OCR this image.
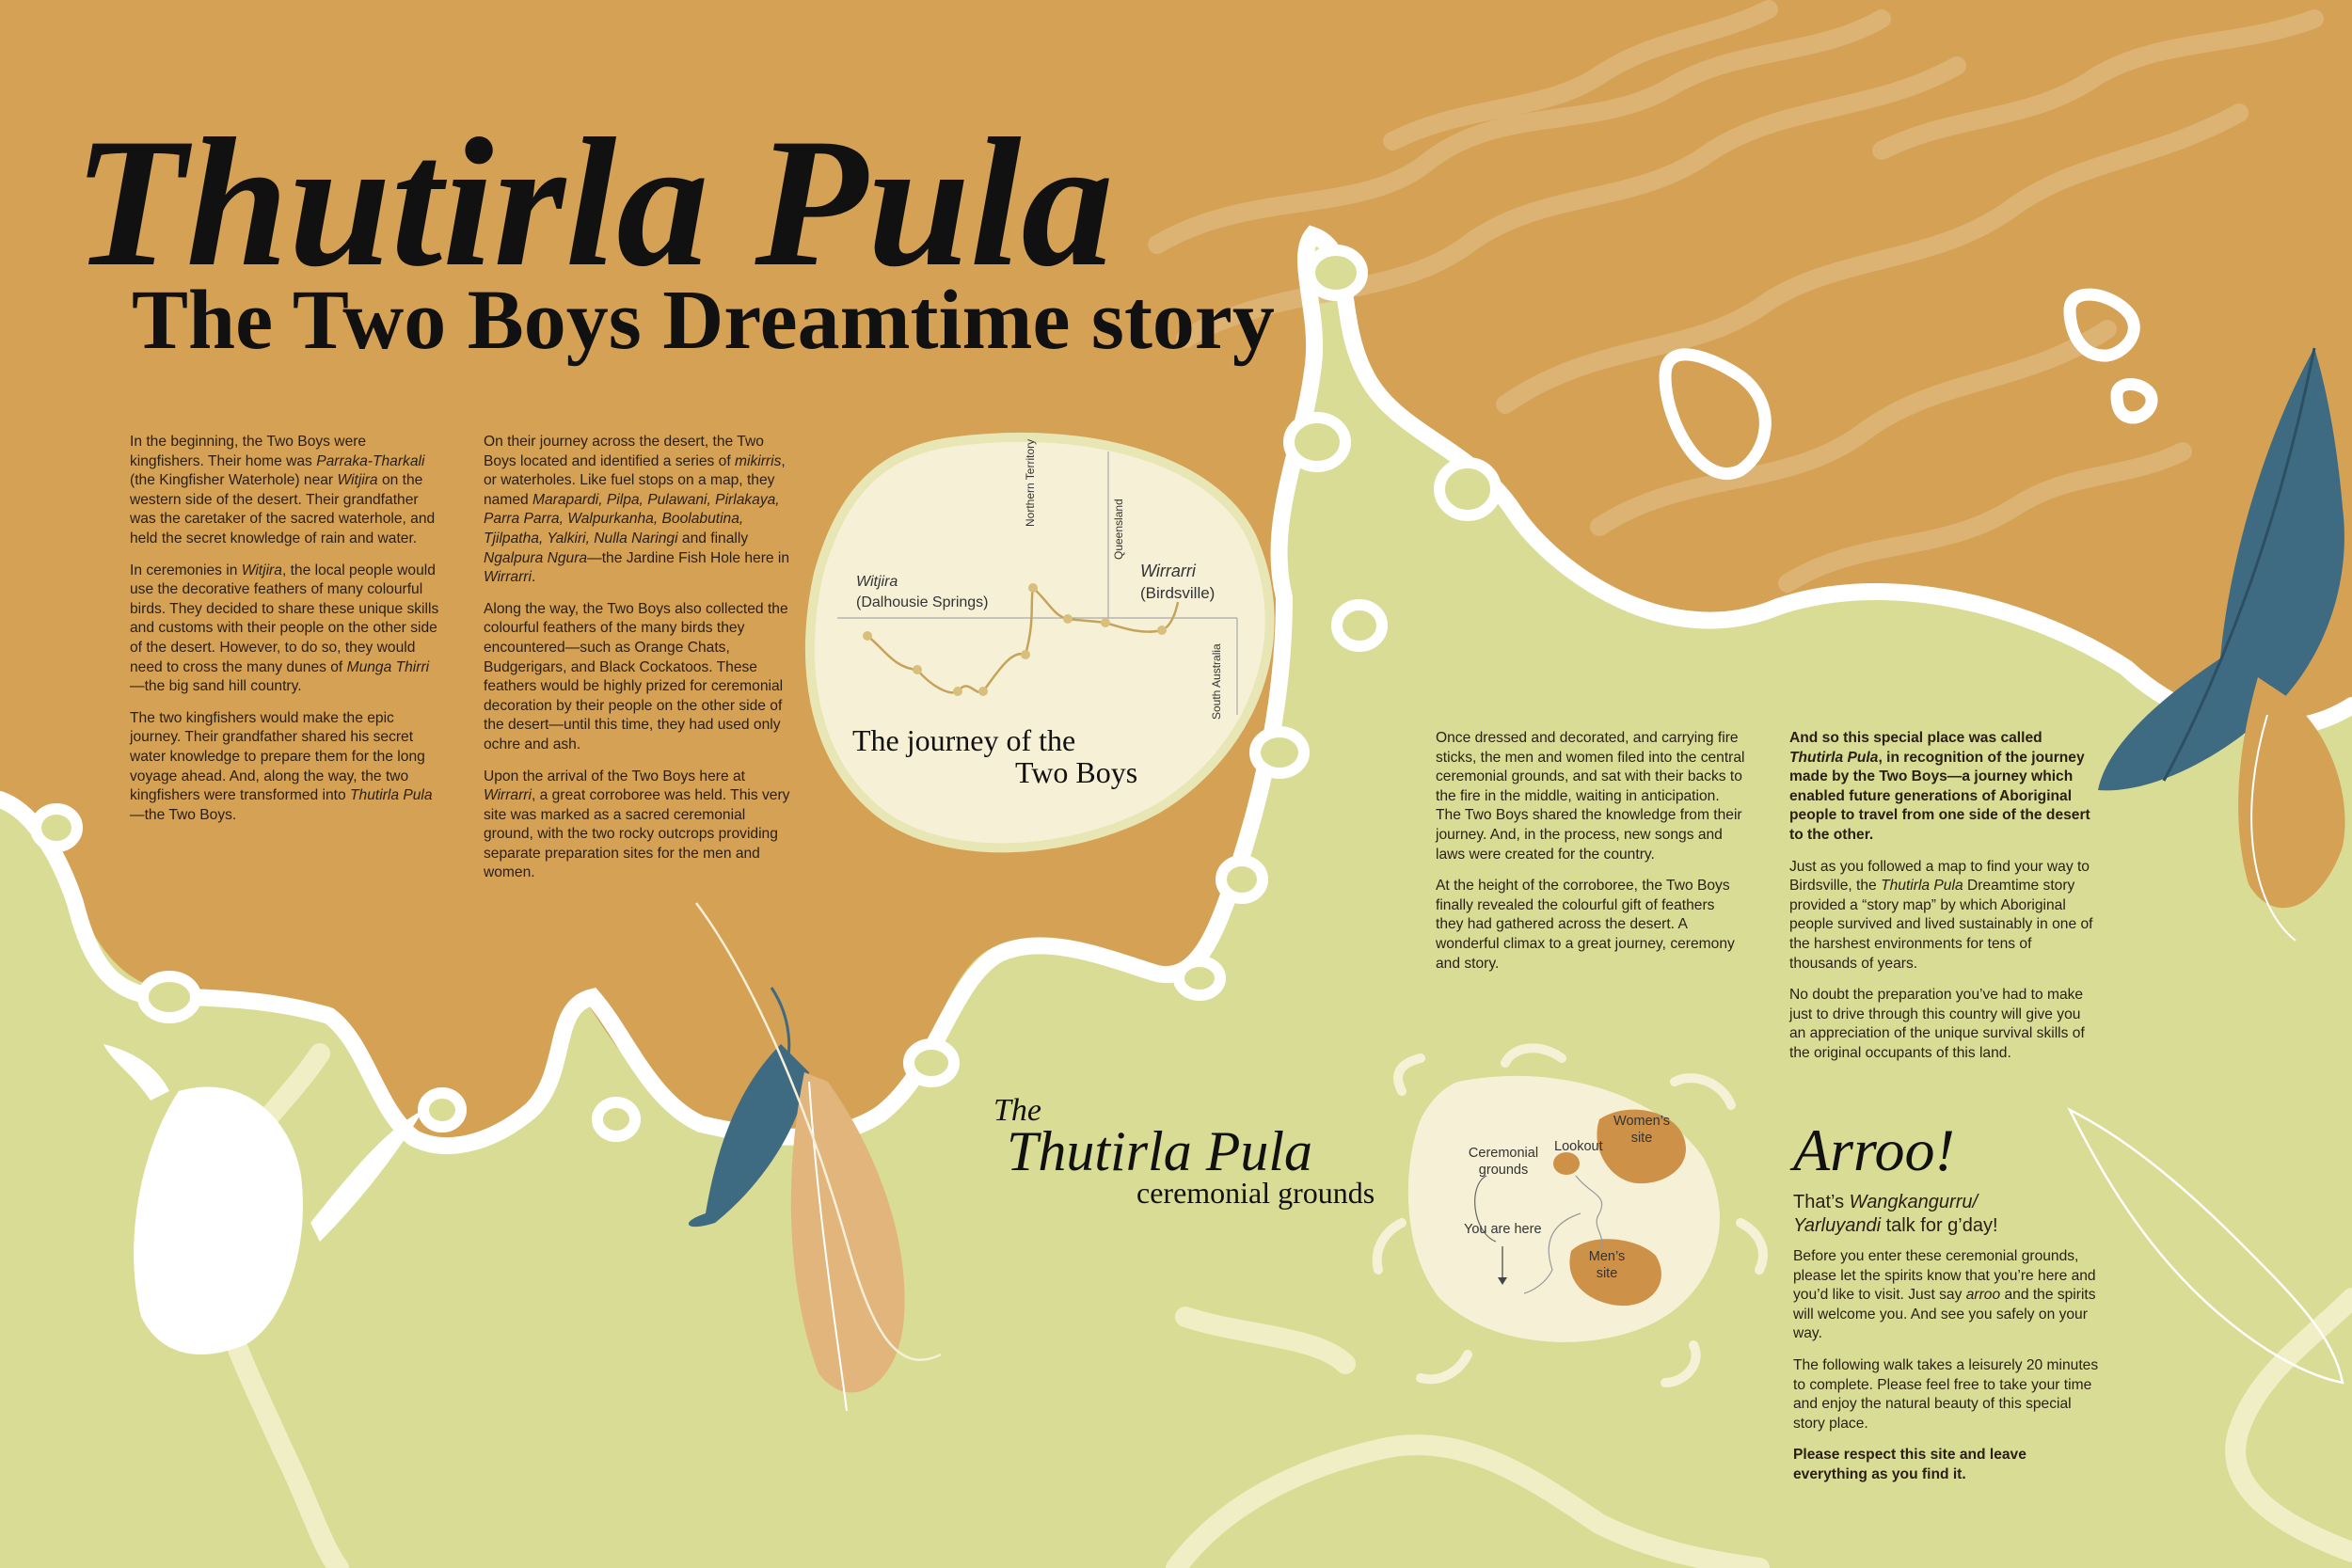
Thutirla Pula
The Two Boys Dreamtime story

In the beginning, the Two Boys were kingfishers. Their home was Parraka-Tharkali (the Kingfisher Waterhole) near Witjira on the western side of the desert. Their grandfather was the caretaker of the sacred waterhole, and held the secret knowledge of rain and water.

In ceremonies in Witjira, the local people would use the decorative feathers of many colourful birds. They decided to share these unique skills and customs with their people on the other side of the desert. However, to do so, they would need to cross the many dunes of Munga Thirri—the big sand hill country.

The two kingfishers would make the epic journey. Their grandfather shared his secret water knowledge to prepare them for the long voyage ahead. And, along the way, the two kingfishers were transformed into Thutirla Pula—the Two Boys.

On their journey across the desert, the Two Boys located and identified a series of mikirris, or waterholes. Like fuel stops on a map, they named Marapardi, Pilpa, Pulawani, Pirlakaya, Parra Parra, Walpurkanha, Boolabutina, Tjilpatha, Yalkiri, Nulla Naringi and finally Ngalpura Ngura—the Jardine Fish Hole here in Wirrarri.

Along the way, the Two Boys also collected the colourful feathers of the many birds they encountered—such as Orange Chats, Budgerigars, and Black Cockatoos. These feathers would be highly prized for ceremonial decoration by their people on the other side of the desert—until this time, they had used only ochre and ash.

Upon the arrival of the Two Boys here at Wirrarri, a great corroboree was held. This very site was marked as a sacred ceremonial ground, with the two rocky outcrops providing separate preparation sites for the men and women.

Witjira
(Dalhousie Springs)
Wirrarri
(Birdsville)
Northern Territory
Queensland
South Australia
The journey of the
Two Boys

Once dressed and decorated, and carrying fire sticks, the men and women filed into the central ceremonial grounds, and sat with their backs to the fire in the middle, waiting in anticipation. The Two Boys shared the knowledge from their journey. And, in the process, new songs and laws were created for the country.

At the height of the corroboree, the Two Boys finally revealed the colourful gift of feathers they had gathered across the desert. A wonderful climax to a great journey, ceremony and story.

And so this special place was called Thutirla Pula, in recognition of the journey made by the Two Boys—a journey which enabled future generations of Aboriginal people to travel from one side of the desert to the other.

Just as you followed a map to find your way to Birdsville, the Thutirla Pula Dreamtime story provided a “story map” by which Aboriginal people survived and lived sustainably in one of the harshest environments for tens of thousands of years.

No doubt the preparation you’ve had to make just to drive through this country will give you an appreciation of the unique survival skills of the original occupants of this land.

The
Thutirla Pula
ceremonial grounds
Ceremonial
grounds
Lookout
Women’s
site
You are here
Men’s
site
Arroo!
That’s Wangkangurru/ Yarluyandi talk for g’day!

Before you enter these ceremonial grounds, please let the spirits know that you’re here and you’d like to visit. Just say arroo and the spirits will welcome you. And see you safely on your way.

The following walk takes a leisurely 20 minutes to complete. Please feel free to take your time and enjoy the natural beauty of this special story place.

Please respect this site and leave everything as you find it.
